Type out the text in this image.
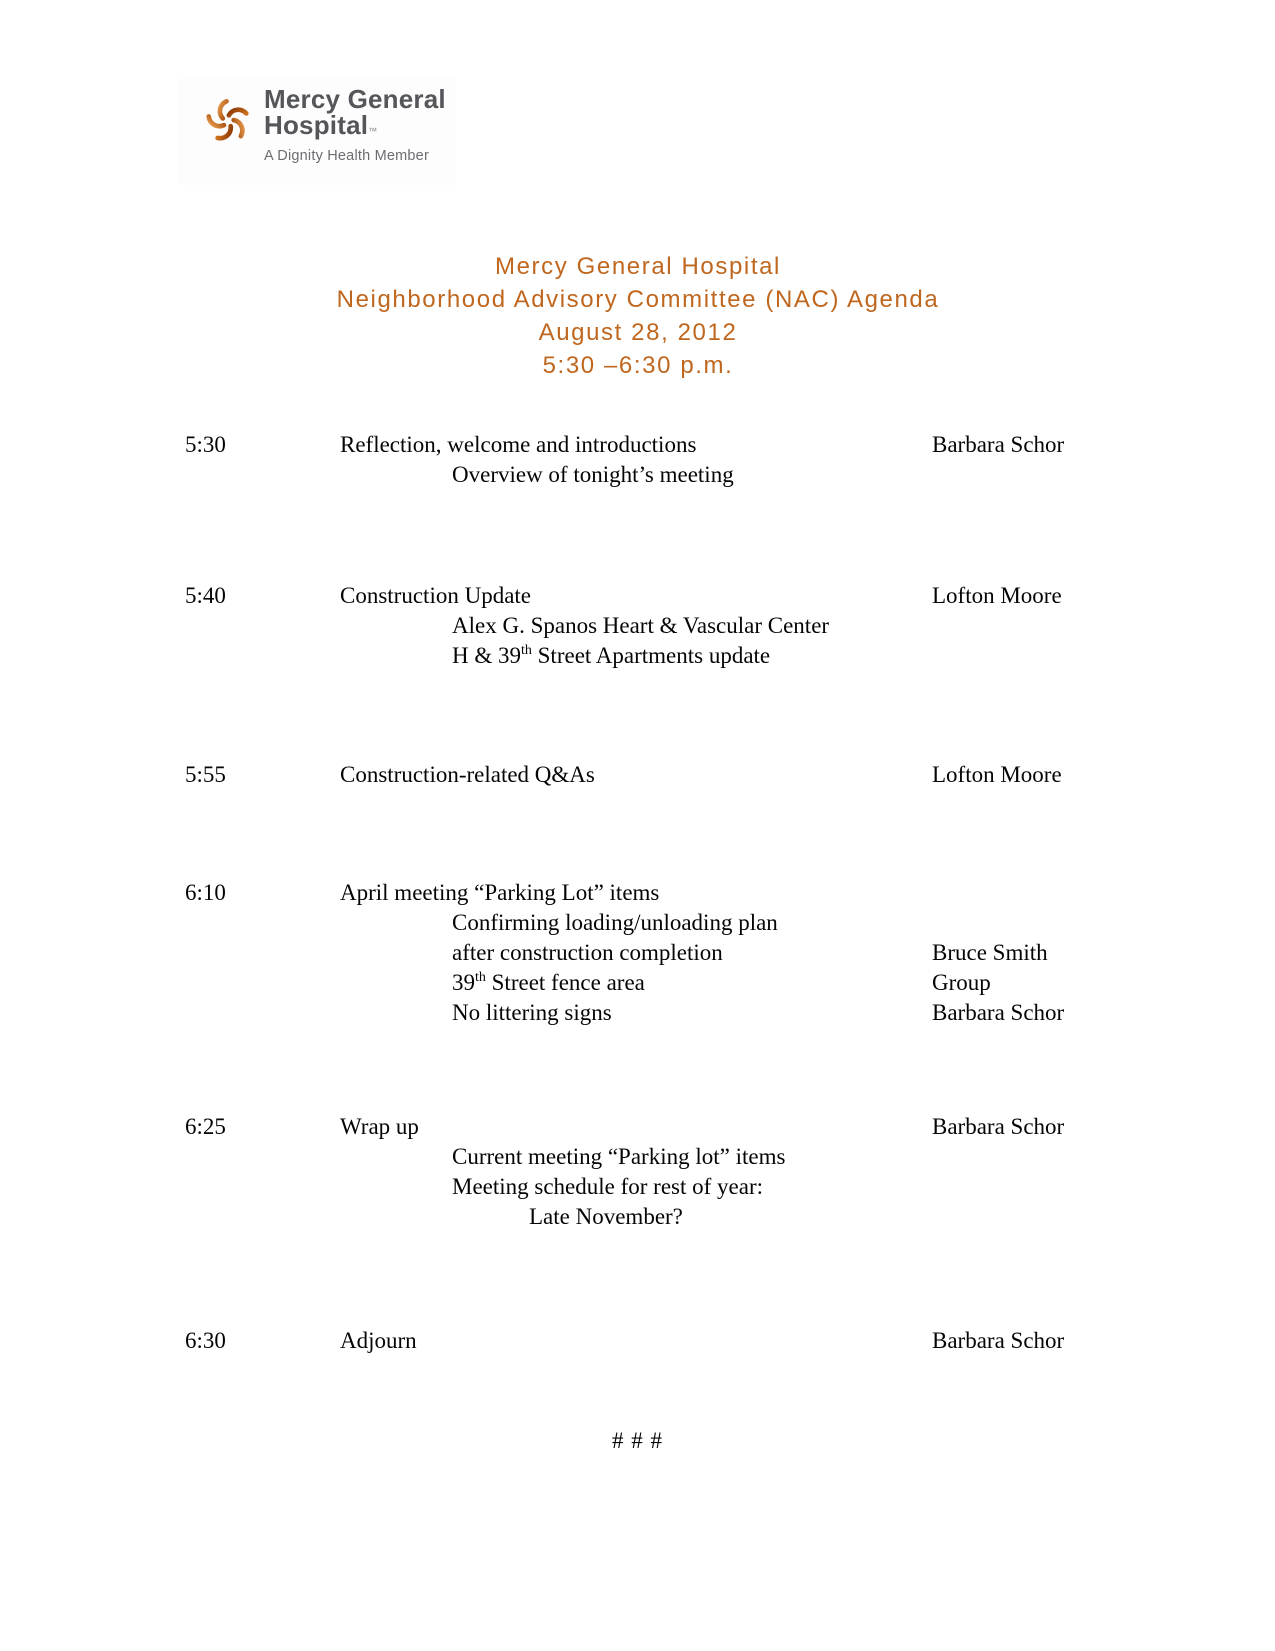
Mercy General
Hospital™
A Dignity Health Member
Mercy General Hospital
Neighborhood Advisory Committee (NAC) Agenda
August 28, 2012
5:30 –6:30 p.m.
5:30	Reflection, welcome and introductions	Barbara Schor
Overview of tonight’s meeting
5:40	Construction Update	Lofton Moore
Alex G. Spanos Heart & Vascular Center
H & 39th Street Apartments update
5:55	Construction-related Q&As	Lofton Moore
6:10	April meeting “Parking Lot” items
Confirming loading/unloading plan
after construction completion	Bruce Smith
39th Street fence area	Group
No littering signs	Barbara Schor
6:25	Wrap up	Barbara Schor
Current meeting “Parking lot” items
Meeting schedule for rest of year:
Late November?
6:30	Adjourn	Barbara Schor
# # #
